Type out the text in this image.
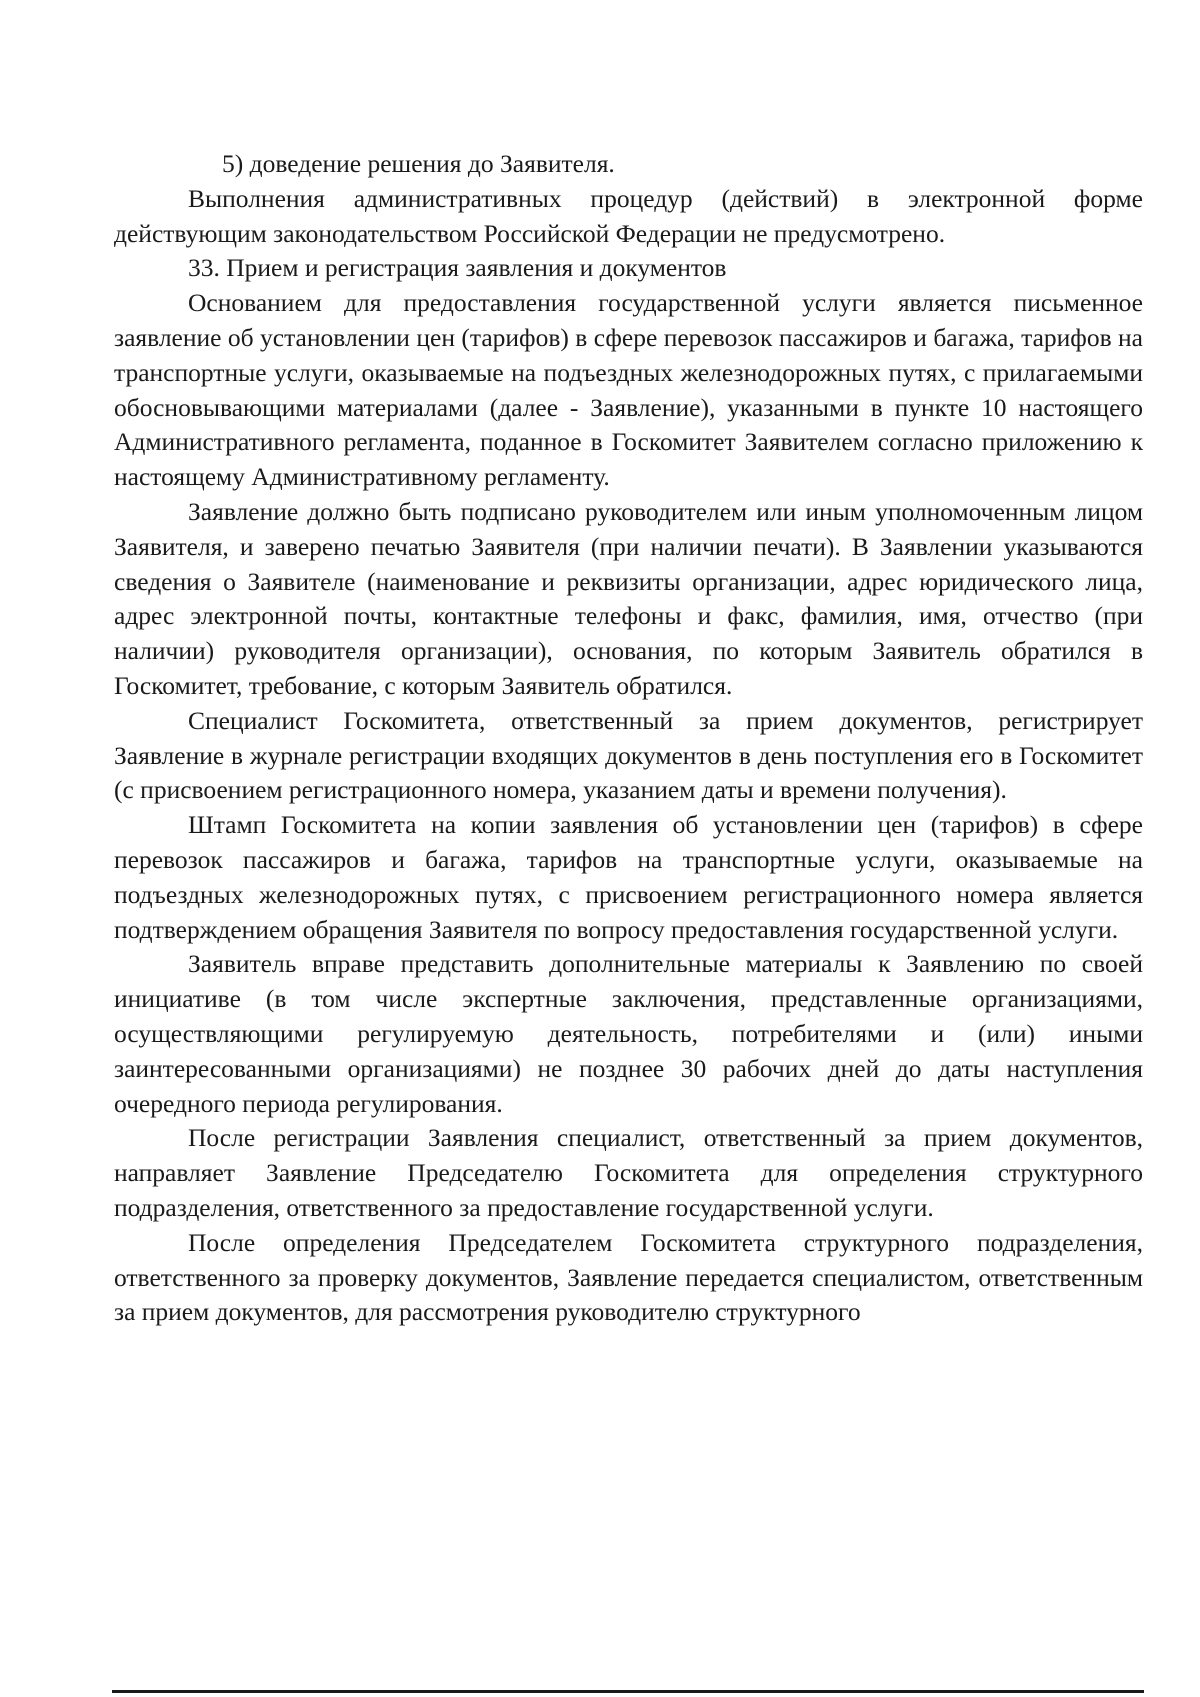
5) доведение решения до Заявителя.

Выполнения административных процедур (действий) в электронной форме действующим законодательством Российской Федерации не предусмотрено.

33. Прием и регистрация заявления и документов

Основанием для предоставления государственной услуги является письменное заявление об установлении цен (тарифов) в сфере перевозок пассажиров и багажа, тарифов на транспортные услуги, оказываемые на подъездных железнодорожных путях, с прилагаемыми обосновывающими материалами (далее - Заявление), указанными в пункте 10 настоящего Административного регламента, поданное в Госкомитет Заявителем согласно приложению к настоящему Административному регламенту.

Заявление должно быть подписано руководителем или иным уполномоченным лицом Заявителя, и заверено печатью Заявителя (при наличии печати). В Заявлении указываются сведения о Заявителе (наименование и реквизиты организации, адрес юридического лица, адрес электронной почты, контактные телефоны и факс, фамилия, имя, отчество (при наличии) руководителя организации), основания, по которым Заявитель обратился в Госкомитет, требование, с которым Заявитель обратился.

Специалист Госкомитета, ответственный за прием документов, регистрирует Заявление в журнале регистрации входящих документов в день поступления его в Госкомитет (с присвоением регистрационного номера, указанием даты и времени получения).

Штамп Госкомитета на копии заявления об установлении цен (тарифов) в сфере перевозок пассажиров и багажа, тарифов на транспортные услуги, оказываемые на подъездных железнодорожных путях, с присвоением регистрационного номера является подтверждением обращения Заявителя по вопросу предоставления государственной услуги.

Заявитель вправе представить дополнительные материалы к Заявлению по своей инициативе (в том числе экспертные заключения, представленные организациями, осуществляющими регулируемую деятельность, потребителями и (или) иными заинтересованными организациями) не позднее 30 рабочих дней до даты наступления очередного периода регулирования.

После регистрации Заявления специалист, ответственный за прием документов, направляет Заявление Председателю Госкомитета для определения структурного подразделения, ответственного за предоставление государственной услуги.

После определения Председателем Госкомитета структурного подразделения, ответственного за проверку документов, Заявление передается специалистом, ответственным за прием документов, для рассмотрения руководителю структурного
